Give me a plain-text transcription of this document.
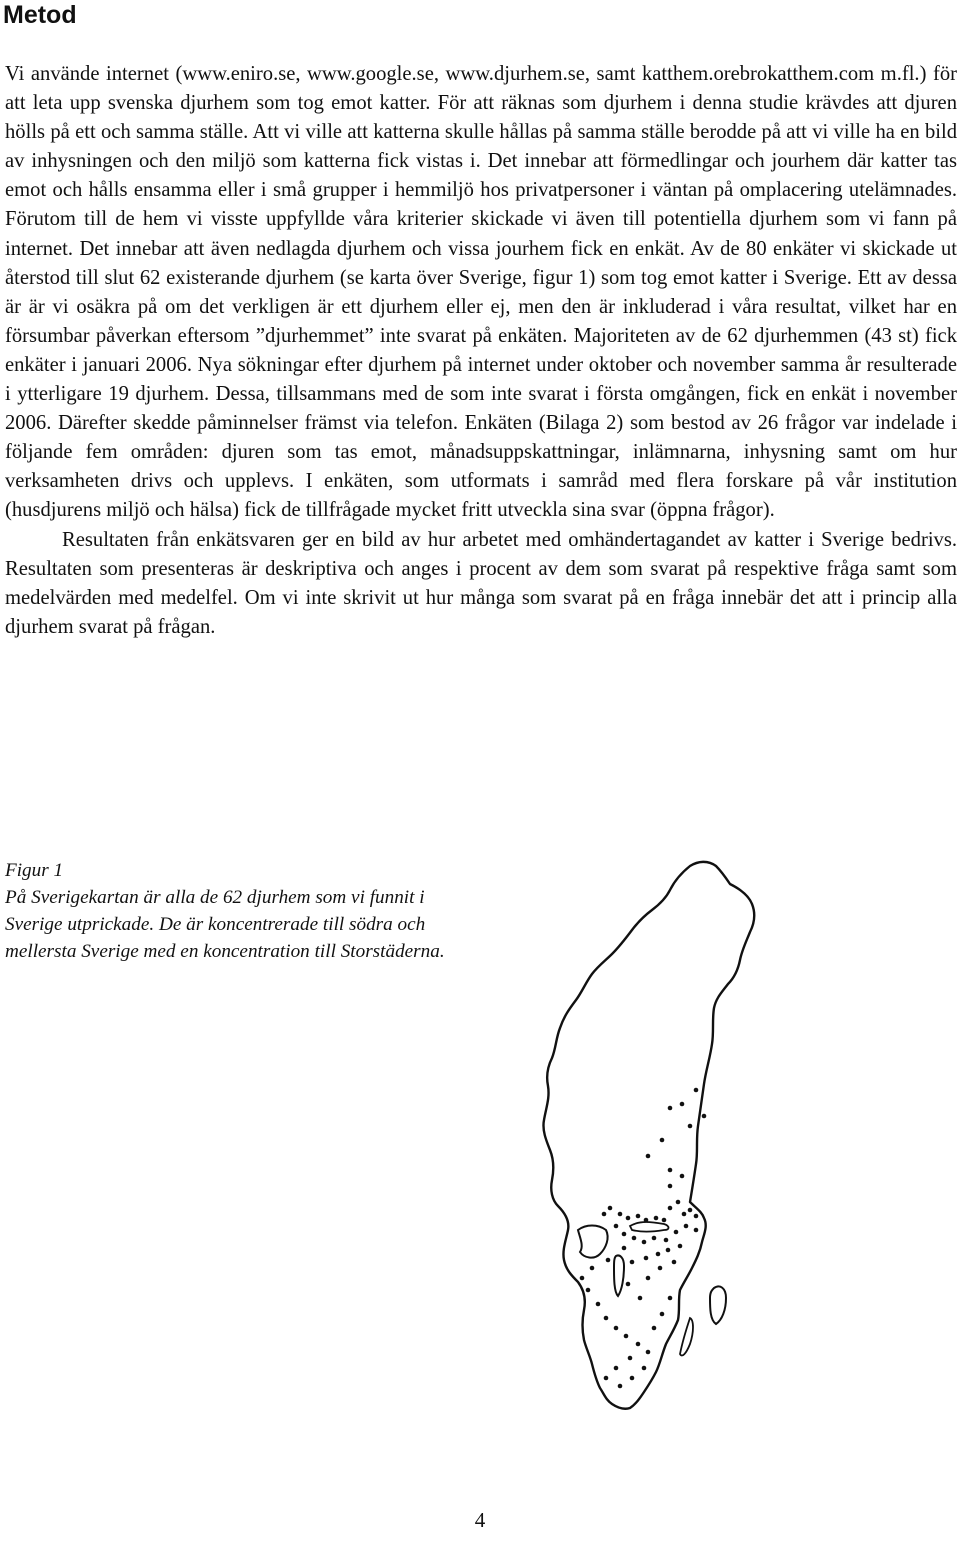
Metod

Vi använde internet (www.eniro.se, www.google.se, www.djurhem.se, samt katthem.orebrokatthem.com m.fl.) för att leta upp svenska djurhem som tog emot katter. För att räknas som djurhem i denna studie krävdes att djuren hölls på ett och samma ställe. Att vi ville att katterna skulle hållas på samma ställe berodde på att vi ville ha en bild av inhysningen och den miljö som katterna fick vistas i. Det innebar att förmedlingar och jourhem där katter tas emot och hålls ensamma eller i små grupper i hemmiljö hos privatpersoner i väntan på omplacering utelämnades. Förutom till de hem vi visste uppfyllde våra kriterier skickade vi även till potentiella djurhem som vi fann på internet. Det innebar att även nedlagda djurhem och vissa jourhem fick en enkät. Av de 80 enkäter vi skickade ut återstod till slut 62 existerande djurhem (se karta över Sverige, figur 1) som tog emot katter i Sverige. Ett av dessa är är vi osäkra på om det verkligen är ett djurhem eller ej, men den är inkluderad i våra resultat, vilket har en försumbar påverkan eftersom ”djurhemmet” inte svarat på enkäten. Majoriteten av de 62 djurhemmen (43 st) fick enkäter i januari 2006. Nya sökningar efter djurhem på internet under oktober och november samma år resulterade i ytterligare 19 djurhem. Dessa, tillsammans med de som inte svarat i första omgången, fick en enkät i november 2006. Därefter skedde påminnelser främst via telefon. Enkäten (Bilaga 2) som bestod av 26 frågor var indelade i följande fem områden: djuren som tas emot, månadsuppskattningar, inlämnarna, inhysning samt om hur verksamheten drivs och upplevs. I enkäten, som utformats i samråd med flera forskare på vår institution (husdjurens miljö och hälsa) fick de tillfrågade mycket fritt utveckla sina svar (öppna frågor).

Resultaten från enkätsvaren ger en bild av hur arbetet med omhändertagandet av katter i Sverige bedrivs. Resultaten som presenteras är deskriptiva och anges i procent av dem som svarat på respektive fråga samt som medelvärden med medelfel. Om vi inte skrivit ut hur många som svarat på en fråga innebär det att i princip alla djurhem svarat på frågan.

Figur 1
På Sverigekartan är alla de 62 djurhem som vi funnit i Sverige utprickade. De är koncentrerade till södra och mellersta Sverige med en koncentration till Storstäderna.
4
